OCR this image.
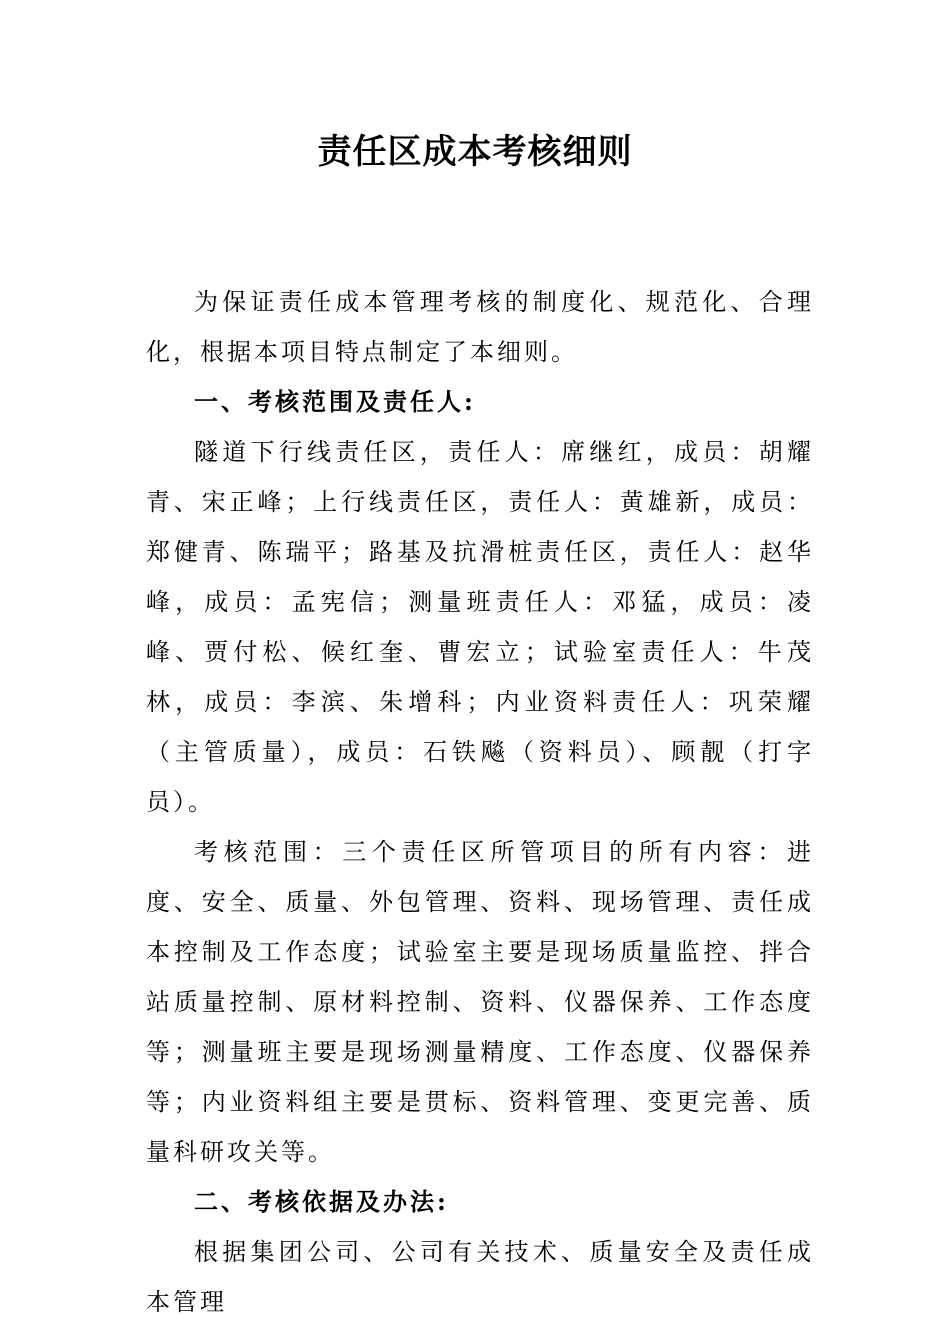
责任区成本考核细则

为保证责任成本管理考核的制度化、规范化、合理化，根据本项目特点制定了本细则。

一、考核范围及责任人:

隧道下行线责任区，责任人：席继红，成员：胡耀青、宋正峰；上行线责任区，责任人：黄雄新，成员：郑健青、陈瑞平；路基及抗滑桩责任区，责任人：赵华峰，成员：孟宪信；测量班责任人：邓猛，成员：凌峰、贾付松、候红奎、曹宏立；试验室责任人：牛茂林，成员：李滨、朱增科；内业资料责任人：巩荣耀（主管质量），成员：石铁飚（资料员）、顾靓（打字员）。

考核范围：三个责任区所管项目的所有内容：进度、安全、质量、外包管理、资料、现场管理、责任成本控制及工作态度；试验室主要是现场质量监控、拌合站质量控制、原材料控制、资料、仪器保养、工作态度等；测量班主要是现场测量精度、工作态度、仪器保养等；内业资料组主要是贯标、资料管理、变更完善、质量科研攻关等。

二、考核依据及办法:

根据集团公司、公司有关技术、质量安全及责任成本管理
